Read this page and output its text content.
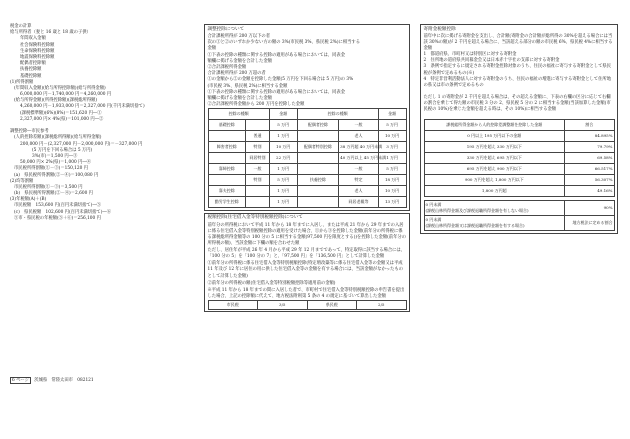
税金の計算
給与所得者（妻と 16 歳と 18 歳の子供）
年間収入金額
社会保険料控除額
生命保険料控除額
地震保険料控除額
配偶者控除額
扶養控除額
基礎控除額
(1)所得割額
(年間収入金額)(給与所得控除額)(給与所得金額)
6,000,000 円－1,740,000 円＝4,260,000 円
(給与所得金額)(所得控除額)(課税総所得額)
4,260,000 円－1,933,000 円＝2,327,000 円(千円未満切捨て)
(課税標準額)(6%)(8%)＝151,620 円―①
2,327,000 円× 4%(県)＝101,000 円―②
調整控除―市民参考
(人的控除差額)(課税総所得額)(給与所得金額)
200,000 円－(2,327,000 円－2,000,000 円)＝－327,000 円
(5 万円を下回る場合は 5 万円)
3%(市)＝1,500 円―③
50,000 円× 2%(県)＝1,000 円―④
市民税所得割額(①－③)＝150,120 円
(a)　県民税所得割額(②－④)＝100,080 円
(2)均等割額
市民税所得割額(①－③)＝3,500 円
(b)　県民税所得割額(②－④)＝2,600 円
(3)年税額(A)＋(B)
市民税額　153,600 円(百円未満切捨て)―⑤
(c)　県民税額　102,600 円(百円未満切捨て)―⑥
⑤市・県民税の年税額(⑤＋⑥)＝256,100 円
調整控除について
合計課税所得が 200 万以下の者
次の①と②のいずれか少ない方の額の 3%(市民税 3%、県民税 2%)に相当する
金額
①下表の控除の種類に関する控除の適用がある場合においては、同表金
額欄に掲げる金額を合計した金額
②合計課税所得金額
合計課税所得が 200 万超の者
①の金額から②の金額を控除した金額(5 万円を下回る場合は 5 万円)の 3%
(市民税 3%、県民税 2%)に相当する金額
①下表の控除の種類に関する控除の適用がある場合においては、同表金
額欄に掲げる金額を合計した金額
②合計課税所得金額から 200 万円を控除した金額
控除の種類		金額	控除の種類		金額
基礎控除		5 万円	配偶者控除	一般	5 万円
	普通	1 万円		老人	10 万円
障害者控除	特別	10 万円	配偶者特別控除	38 万円超 40 万円未満	3 万円
	同居特別	22 万円		40 万円以上 45 万円未満	1 万円
寡婦控除	一般	1 万円		一般	5 万円
	特別	5 万円	扶養控除	特定	18 万円
寡夫控除		1 万円		老人	10 万円
勤労学生控除		1 万円		同居老親等	13 万円
税額控除(住宅借入金等特別税額控除)について
前年分の所得税において平成 11 年から 18 年までに入居し、または平成 21 年から 29 年までの入居に係る住宅借入金等特別税額控除の適用を受けた場合、①から③を控除した金額(前年分の所得税に係る課税総所得金額等の 100 分の 5 に相当する金額(97,500 円を限度とする))を控除した金額(前年分の所得税の額)、当該金額に下欄の額を合わせた額
ただし、居住年が平成 26 年 4 月から平成 29 年 12 月までであって、特定取得に該当する場合には、「100 分の 5」を「100 分の 7」と、「97,500 円」を「136,500 円」として計算した金額
①前年分の所得税に係る住宅借入金等特別税額控除(特定増改築等に係る住宅借入金等の金額又は平成 11 年及び 12 年に居住の用に供した住宅借入金等の金額を有する場合には、当該金額がなかったものとして計算した金額)
②前年分の所得税の額(住宅借入金等特別税額控除等適用前の金額)
※平成 11 年から 18 年までの間に入居した者で、市町村で住宅借入金等特別税額控除の申告書を提出した場合、上記の控除額に代えて、地方税法附則第 5 条の 4 の規定に基づいて算出した金額
市民税	3/5	県民税	2/5
寄附金税額控除
前年中に次に掲げる寄附金を支出し、合計額(寄附金の合計額が総所得の 30%を超える場合には当該 30%の額)が 2 千円を超える場合に、当該超える部分の額の市民税 6%、県民税 4%に相当する金額
1　都道府県、市町村又は特別区に対する寄附金
2　住所地の道府県共同募金会又は日本赤十字社の支部に対する寄附金
3　条例で指定するに規定される寄附金控除対象のうち、住民の福祉に寄与する寄附金として県民税が条例で定めるもの(※)
4　特定非営利活動法人に対する寄附金のうち、住民の福祉の増進に寄与する寄附金として住所地の県又は市の条例で定めるもの
ただし 1 の寄附金が 2 千円を超える場合は、その超える金額に、下表の右欄の区分に応じて右欄の割合を乗じて得た額の市民税 3 分の 2、県民税 5 分の 2 に相当する金額(当該加算した金額(市民税の 10%)を乗じた金額を超える時は、その 10%)に相当する金額
課税総所得金額から人的控除差調整額を控除した金額	割合
0 円以上 195 万円以下の金額	84.895%
195 万円を超え 330 万円以下	79.79%
330 万円を超え 695 万円以下	69.58%
695 万円を超え 900 万円以下	66.517%
900 万円を超え 1,800 万円以下	56.307%
1,800 万円超	49.16%
0 円未満
(課税山林所得金額及び課税退職所得金額を有しない場合)	90%
0 円未満
(課税山林所得金額又は課税退職所得金額を有する場合)	地方税法に定める割合
6 ページ 茨城県　常陸太田市　082121
